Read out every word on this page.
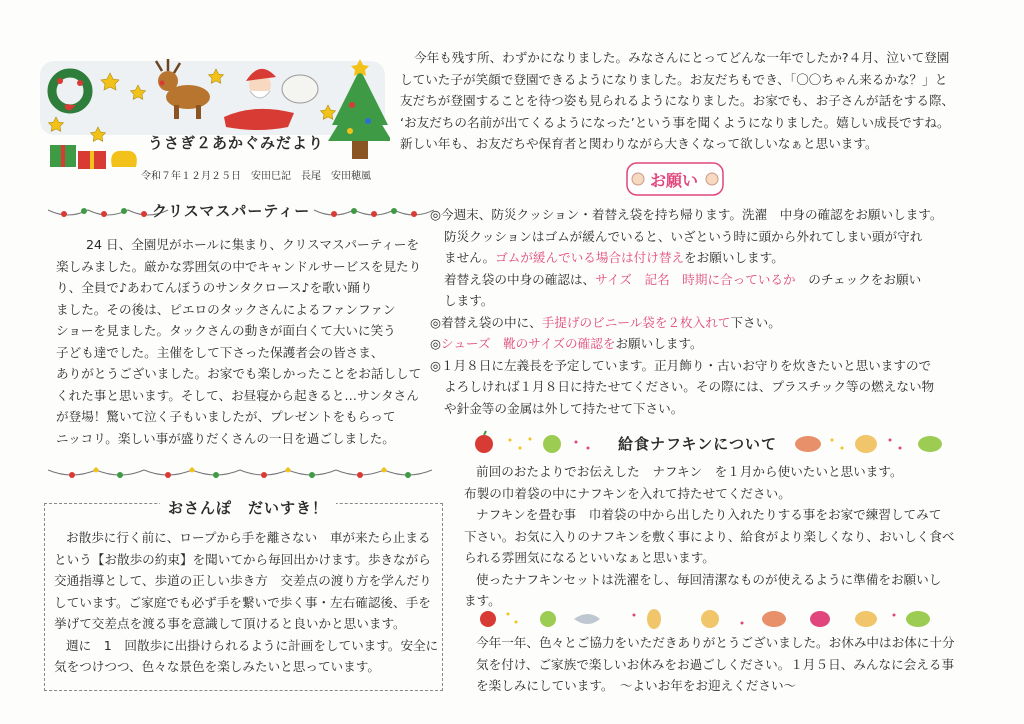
うさぎ２あかぐみだより
令和７年１２月２５日　安田巳記　長尾　安田穂風

今年も残す所、わずかになりました。みなさんにとってどんな一年でしたか?４月、泣いて登園

していた子が笑顔で登園できるようになりました。お友だちもでき、「〇〇ちゃん来るかな？」と

友だちが登園することを待つ姿も見られるようになりました。お家でも、お子さんが話をする際、

‘お友だちの名前が出てくるようになった’という事を聞くようになりました。嬉しい成長ですね。

新しい年も、お友だちや保育者と関わりながら大きくなって欲しいなぁと思います。

クリスマスパーティー

24 日、全園児がホールに集まり、クリスマスパーティーを

楽しみました。厳かな雰囲気の中でキャンドルサービスを見たり

り、全員で♪あわてんぼうのサンタクロース♪を歌い踊り

ました。その後は、ピエロのタックさんによるファンファン

ショーを見ました。タックさんの動きが面白くて大いに笑う

子ども達でした。主催をして下さった保護者会の皆さま、

ありがとうございました。お家でも楽しかったことをお話しして

くれた事と思います。そして、お昼寝から起きると…サンタさん

が登場！驚いて泣く子もいましたが、プレゼントをもらって

ニッコリ。楽しい事が盛りだくさんの一日を過ごしました。

おさんぽ　だいすき！

お散歩に行く前に、ロープから手を離さない　車が来たら止まる

という【お散歩の約束】を聞いてから毎回出かけます。歩きながら

交通指導として、歩道の正しい歩き方　交差点の渡り方を学んだり

しています。ご家庭でも必ず手を繋いで歩く事・左右確認後、手を

挙げて交差点を渡る事を意識して頂けると良いかと思います。

週に　1　回散歩に出掛けられるように計画をしています。安全に

気をつけつつ、色々な景色を楽しみたいと思っています。

お願い
◎今週末、防災クッション・着替え袋を持ち帰ります。洗濯　中身の確認をお願いします。
防災クッションはゴムが緩んでいると、いざという時に頭から外れてしまい頭が守れ
ません。ゴムが緩んでいる場合は付け替えをお願いします。
着替え袋の中身の確認は、サイズ　記名　時期に合っているか　のチェックをお願い
します。
◎着替え袋の中に、手提げのビニール袋を２枚入れて下さい。
◎シューズ　靴のサイズの確認をお願いします。
◎１月８日に左義長を予定しています。正月飾り・古いお守りを炊きたいと思いますので
よろしければ１月８日に持たせてください。その際には、プラスチック等の燃えない物
や針金等の金属は外して持たせて下さい。
給食ナフキンについて

前回のおたよりでお伝えした　ナフキン　を１月から使いたいと思います。

布製の巾着袋の中にナフキンを入れて持たせてください。

ナフキンを畳む事　巾着袋の中から出したり入れたりする事をお家で練習してみて

下さい。お気に入りのナフキンを敷く事により、給食がより楽しくなり、おいしく食べ

られる雰囲気になるといいなぁと思います。

使ったナフキンセットは洗濯をし、毎回清潔なものが使えるように準備をお願いし

ます。

今年一年、色々とご協力をいただきありがとうございました。お休み中はお体に十分

気を付け、ご家族で楽しいお休みをお過ごしください。１月５日、みんなに会える事

を楽しみにしています。　～よいお年をお迎えください～
